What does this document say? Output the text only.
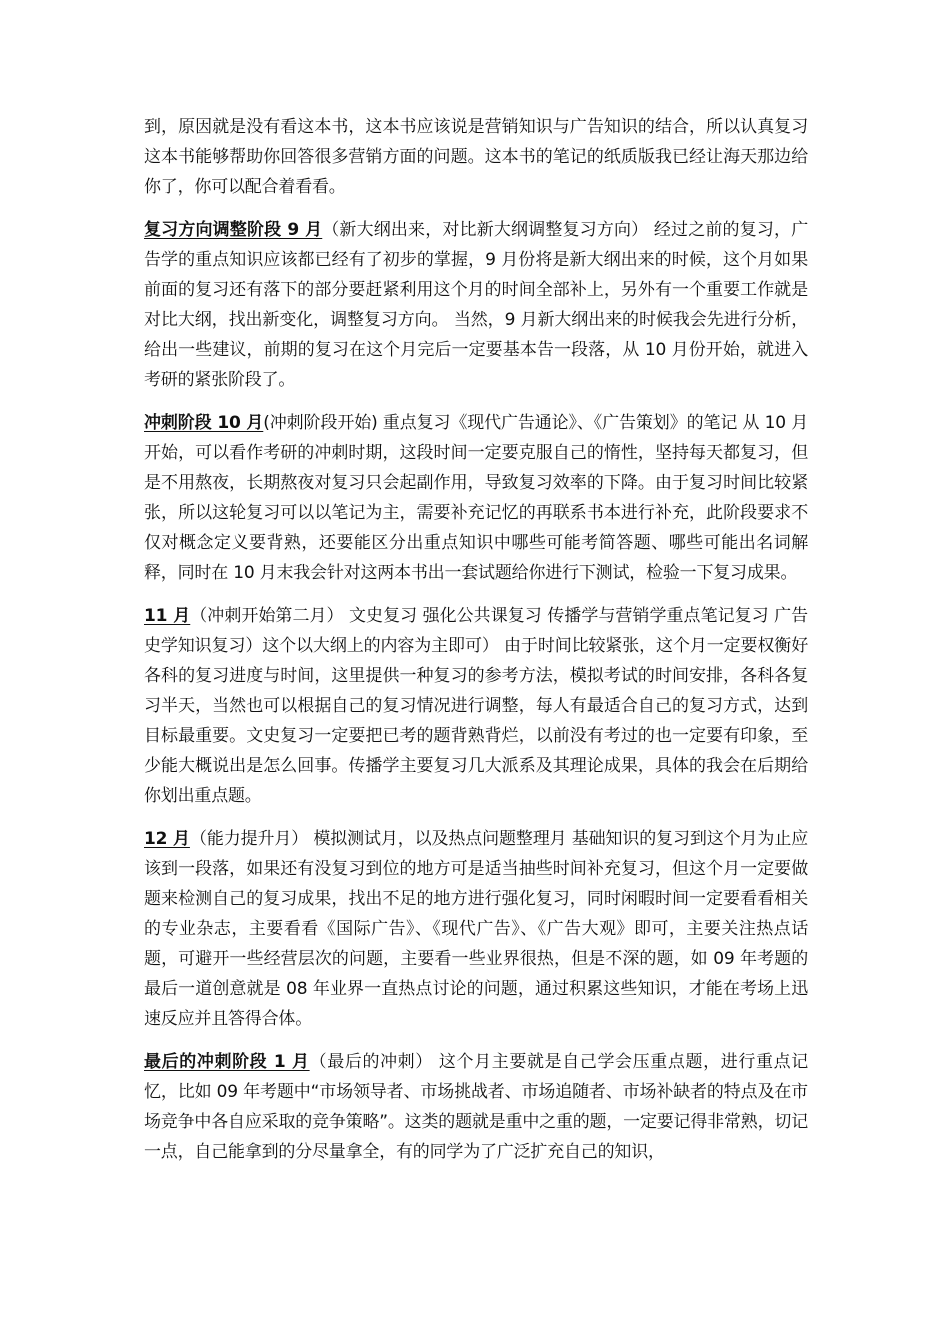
到，原因就是没有看这本书，这本书应该说是营销知识与广告知识的结合，所以认真复习这本书能够帮助你回答很多营销方面的问题。这本书的笔记的纸质版我已经让海天那边给你了，你可以配合着看看。

复习方向调整阶段 9 月（新大纲出来，对比新大纲调整复习方向） 经过之前的复习，广告学的重点知识应该都已经有了初步的掌握，9 月份将是新大纲出来的时候，这个月如果前面的复习还有落下的部分要赶紧利用这个月的时间全部补上，另外有一个重要工作就是对比大纲，找出新变化，调整复习方向。 当然，9 月新大纲出来的时候我会先进行分析，给出一些建议，前期的复习在这个月完后一定要基本告一段落，从 10 月份开始，就进入考研的紧张阶段了。

冲刺阶段 10 月(冲刺阶段开始) 重点复习《现代广告通论》、《广告策划》的笔记 从 10 月开始，可以看作考研的冲刺时期，这段时间一定要克服自己的惰性，坚持每天都复习，但是不用熬夜，长期熬夜对复习只会起副作用，导致复习效率的下降。由于复习时间比较紧张，所以这轮复习可以以笔记为主，需要补充记忆的再联系书本进行补充，此阶段要求不仅对概念定义要背熟，还要能区分出重点知识中哪些可能考简答题、哪些可能出名词解释，同时在 10 月末我会针对这两本书出一套试题给你进行下测试，检验一下复习成果。

11 月（冲刺开始第二月） 文史复习 强化公共课复习 传播学与营销学重点笔记复习 广告史学知识复习）这个以大纲上的内容为主即可） 由于时间比较紧张，这个月一定要权衡好各科的复习进度与时间，这里提供一种复习的参考方法，模拟考试的时间安排，各科各复习半天，当然也可以根据自己的复习情况进行调整，每人有最适合自己的复习方式，达到目标最重要。文史复习一定要把已考的题背熟背烂，以前没有考过的也一定要有印象，至少能大概说出是怎么回事。传播学主要复习几大派系及其理论成果，具体的我会在后期给你划出重点题。

12 月（能力提升月） 模拟测试月，以及热点问题整理月 基础知识的复习到这个月为止应该到一段落，如果还有没复习到位的地方可是适当抽些时间补充复习，但这个月一定要做题来检测自己的复习成果，找出不足的地方进行强化复习，同时闲暇时间一定要看看相关的专业杂志，主要看看《国际广告》、《现代广告》、《广告大观》即可，主要关注热点话题，可避开一些经营层次的问题，主要看一些业界很热，但是不深的题，如 09 年考题的最后一道创意就是 08 年业界一直热点讨论的问题，通过积累这些知识，才能在考场上迅速反应并且答得合体。

最后的冲刺阶段 1 月（最后的冲刺） 这个月主要就是自己学会压重点题，进行重点记忆，比如 09 年考题中“市场领导者、市场挑战者、市场追随者、市场补缺者的特点及在市场竞争中各自应采取的竞争策略”。这类的题就是重中之重的题，一定要记得非常熟，切记一点，自己能拿到的分尽量拿全，有的同学为了广泛扩充自己的知识，
